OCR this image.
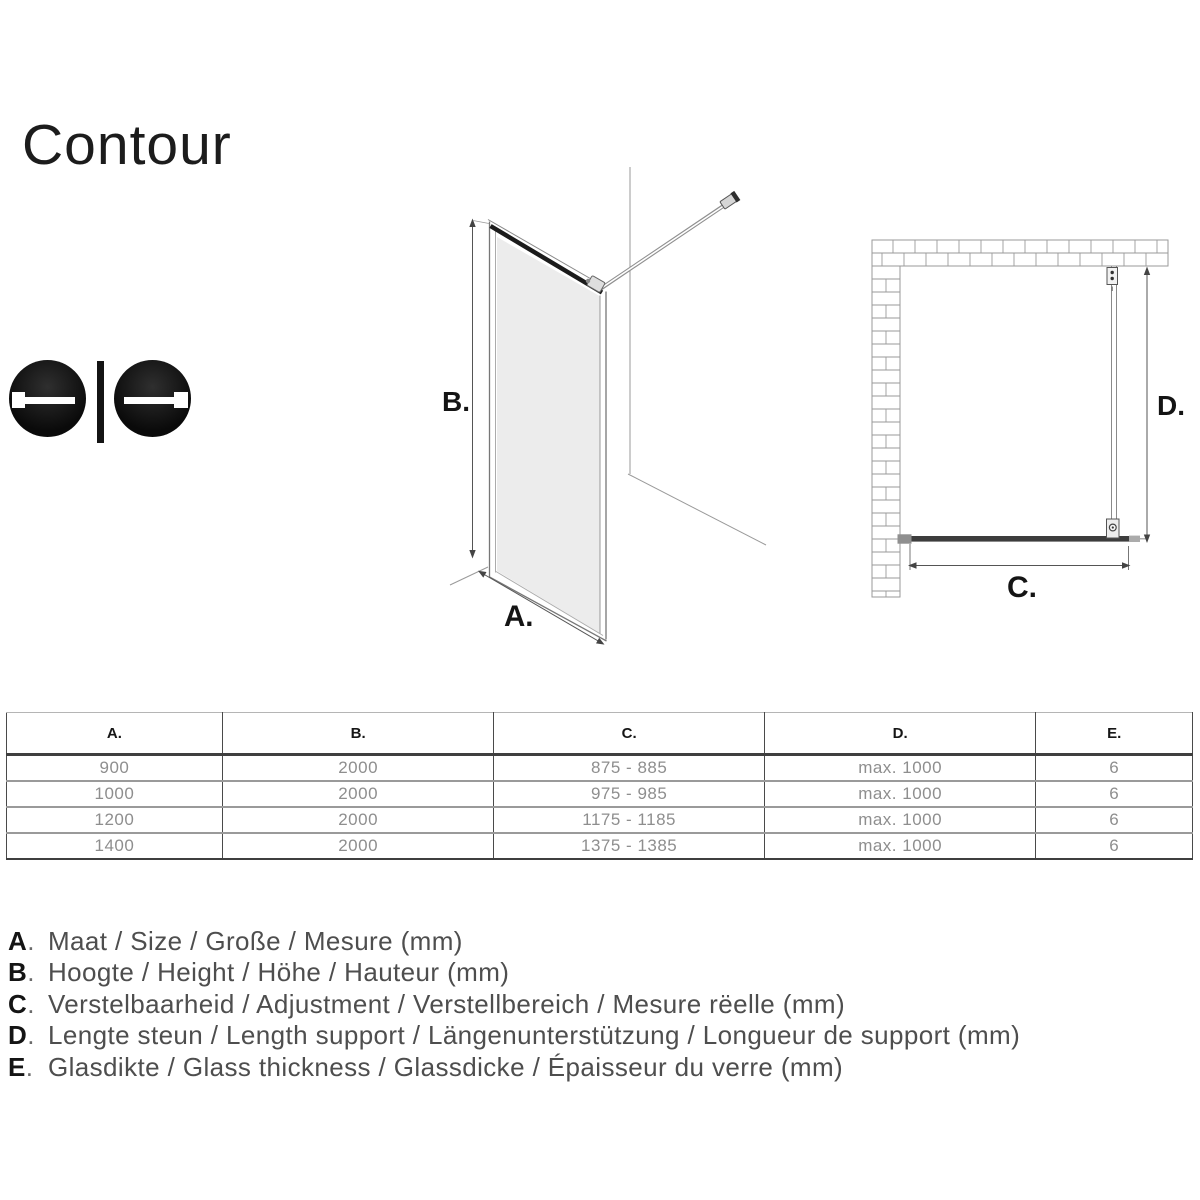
Contour
B.
A.
C.
D.
A.	B.	C.	D.	E.
900	2000	875 - 885	max. 1000	6
1000	2000	975 - 985	max. 1000	6
1200	2000	1175 - 1185	max. 1000	6
1400	2000	1375 - 1385	max. 1000	6
A. Maat / Size / Große / Mesure (mm)
B. Hoogte / Height / Höhe / Hauteur (mm)
C. Verstelbaarheid / Adjustment / Verstellbereich / Mesure rëelle (mm)
D. Lengte steun / Length support / Längenunterstützung / Longueur de support (mm)
E. Glasdikte / Glass thickness / Glassdicke / Épaisseur du verre (mm)
